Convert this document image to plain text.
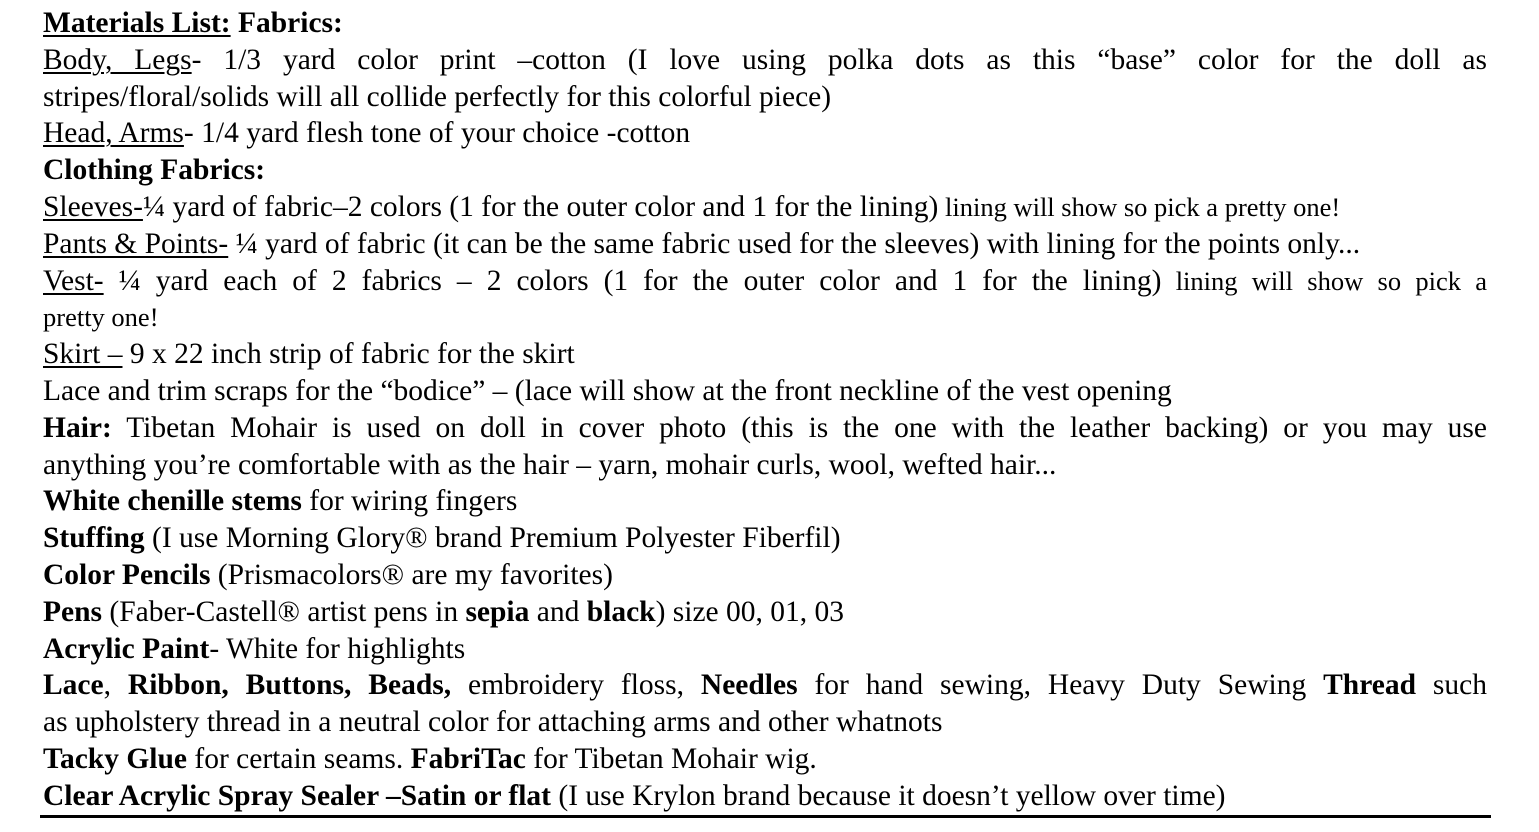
Materials List: Fabrics:
Body, Legs- 1/3 yard color print –cotton (I love using polka dots as this “base” color for the doll as
stripes/floral/solids will all collide perfectly for this colorful piece)
Head, Arms- 1/4 yard flesh tone of your choice -cotton
Clothing Fabrics:
Sleeves-¼ yard of fabric–2 colors (1 for the outer color and 1 for the lining) lining will show so pick a pretty one!
Pants & Points- ¼ yard of fabric (it can be the same fabric used for the sleeves) with lining for the points only...
Vest- ¼ yard each of 2 fabrics – 2 colors (1 for the outer color and 1 for the lining) lining will show so pick a
pretty one!
Skirt – 9 x 22 inch strip of fabric for the skirt
Lace and trim scraps for the “bodice” – (lace will show at the front neckline of the vest opening
Hair: Tibetan Mohair is used on doll in cover photo (this is the one with the leather backing) or you may use
anything you’re comfortable with as the hair – yarn, mohair curls, wool, wefted hair...
White chenille stems for wiring fingers
Stuffing (I use Morning Glory® brand Premium Polyester Fiberfil)
Color Pencils (Prismacolors® are my favorites)
Pens (Faber-Castell® artist pens in sepia and black) size 00, 01, 03
Acrylic Paint- White for highlights
Lace, Ribbon, Buttons, Beads, embroidery floss, Needles for hand sewing, Heavy Duty Sewing Thread such
as upholstery thread in a neutral color for attaching arms and other whatnots
Tacky Glue for certain seams. FabriTac for Tibetan Mohair wig.
Clear Acrylic Spray Sealer –Satin or flat (I use Krylon brand because it doesn’t yellow over time)
